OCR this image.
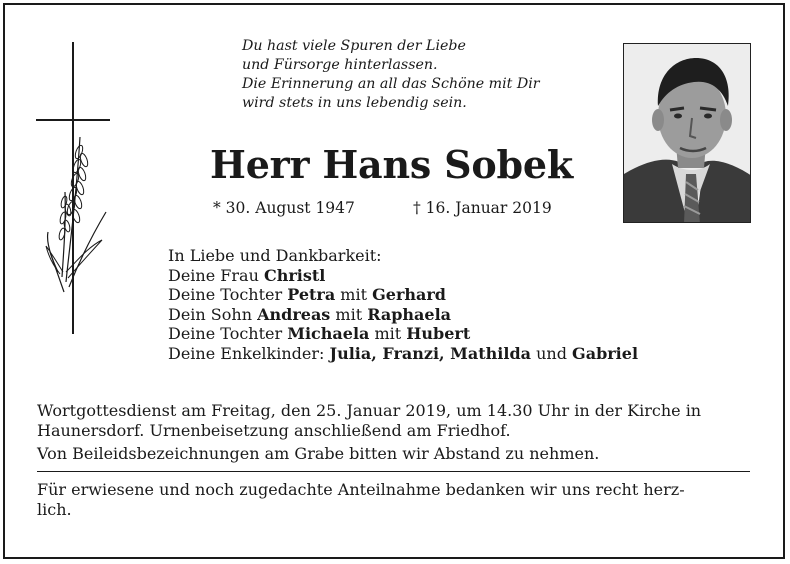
Du hast viele Spuren der Liebe
und Fürsorge hinterlassen.
Die Erinnerung an all das Schöne mit Dir
wird stets in uns lebendig sein.
Herr Hans Sobek
* 30. August 1947	† 16. Januar 2019
In Liebe und Dankbarkeit:
Deine Frau Christl
Deine Tochter Petra mit Gerhard
Dein Sohn Andreas mit Raphaela
Deine Tochter Michaela mit Hubert
Deine Enkelkinder: Julia, Franzi, Mathilda und Gabriel

Wortgottesdienst am Freitag, den 25. Januar 2019, um 14.30 Uhr in der Kirche in

Haunersdorf. Urnenbeisetzung anschließend am Friedhof.

Von Beileidsbezeichnungen am Grabe bitten wir Abstand zu nehmen.

Für erwiesene und noch zugedachte Anteilnahme bedanken wir uns recht herz-
lich.
